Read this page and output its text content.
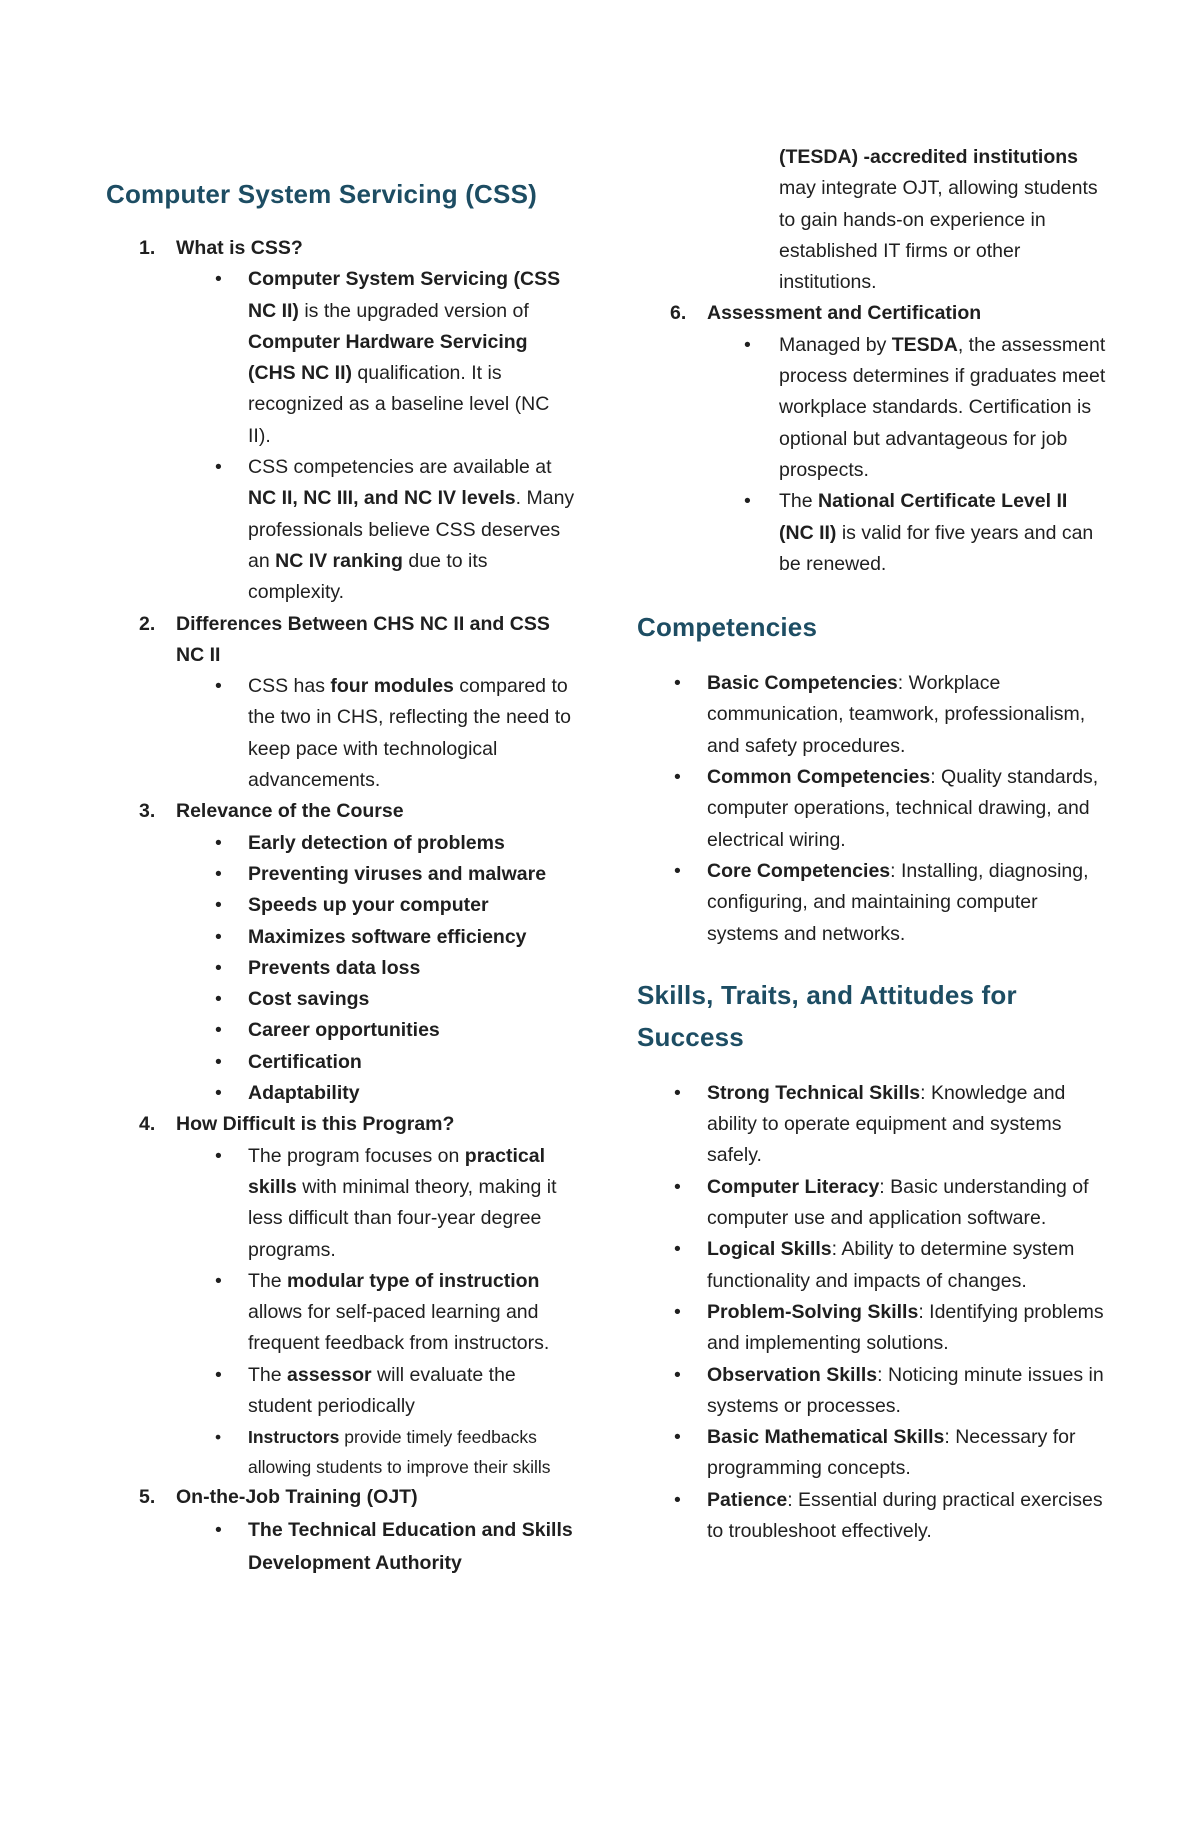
Computer System Servicing (CSS)
1. What is CSS?
• Computer System Servicing (CSS NC II) is the upgraded version of Computer Hardware Servicing (CHS NC II) qualification. It is recognized as a baseline level (NC II).
• CSS competencies are available at NC II, NC III, and NC IV levels. Many professionals believe CSS deserves an NC IV ranking due to its complexity.
2. Differences Between CHS NC II and CSS NC II
• CSS has four modules compared to the two in CHS, reflecting the need to keep pace with technological advancements.
3. Relevance of the Course
• Early detection of problems
• Preventing viruses and malware
• Speeds up your computer
• Maximizes software efficiency
• Prevents data loss
• Cost savings
• Career opportunities
• Certification
• Adaptability
4. How Difficult is this Program?
• The program focuses on practical skills with minimal theory, making it less difficult than four-year degree programs.
• The modular type of instruction allows for self-paced learning and frequent feedback from instructors.
• The assessor will evaluate the student periodically
• Instructors provide timely feedbacks allowing students to improve their skills
5. On-the-Job Training (OJT)
• The Technical Education and Skills Development Authority
(TESDA) -accredited institutions may integrate OJT, allowing students to gain hands-on experience in established IT firms or other institutions.
6. Assessment and Certification
• Managed by TESDA, the assessment process determines if graduates meet workplace standards. Certification is optional but advantageous for job prospects.
• The National Certificate Level II (NC II) is valid for five years and can be renewed.
Competencies
• Basic Competencies: Workplace communication, teamwork, professionalism, and safety procedures.
• Common Competencies: Quality standards, computer operations, technical drawing, and electrical wiring.
• Core Competencies: Installing, diagnosing, configuring, and maintaining computer systems and networks.
Skills, Traits, and Attitudes for Success
• Strong Technical Skills: Knowledge and ability to operate equipment and systems safely.
• Computer Literacy: Basic understanding of computer use and application software.
• Logical Skills: Ability to determine system functionality and impacts of changes.
• Problem-Solving Skills: Identifying problems and implementing solutions.
• Observation Skills: Noticing minute issues in systems or processes.
• Basic Mathematical Skills: Necessary for programming concepts.
• Patience: Essential during practical exercises to troubleshoot effectively.
